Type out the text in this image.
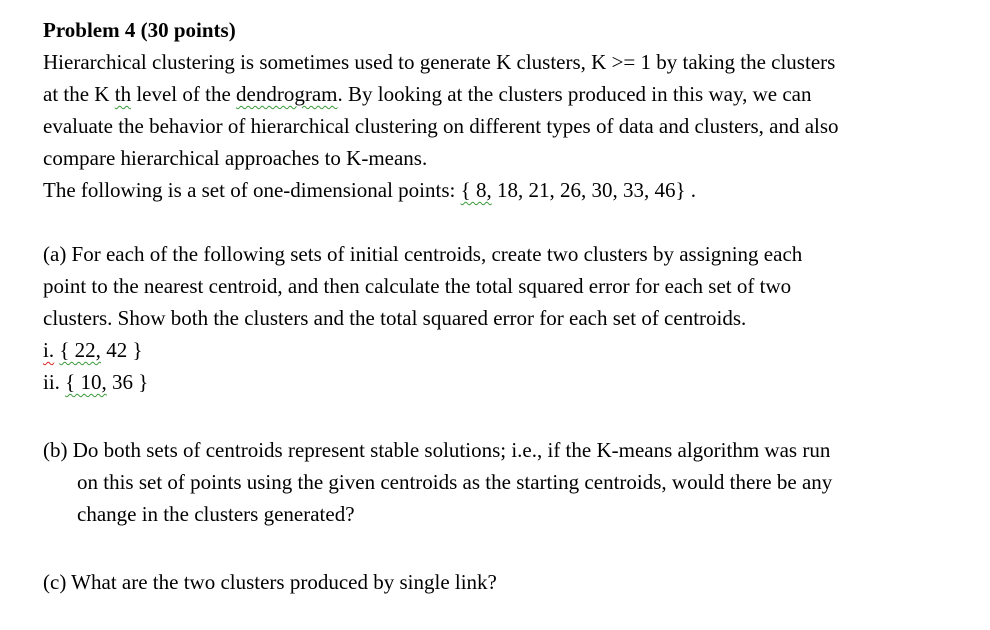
Problem 4 (30 points)
Hierarchical clustering is sometimes used to generate K clusters, K >= 1 by taking the clusters
at the K th level of the dendrogram. By looking at the clusters produced in this way, we can
evaluate the behavior of hierarchical clustering on different types of data and clusters, and also
compare hierarchical approaches to K-means.
The following is a set of one-dimensional points: { 8, 18, 21, 26, 30, 33, 46} .
(a) For each of the following sets of initial centroids, create two clusters by assigning each
point to the nearest centroid, and then calculate the total squared error for each set of two
clusters. Show both the clusters and the total squared error for each set of centroids.
i. { 22, 42 }
ii. { 10, 36 }
(b) Do both sets of centroids represent stable solutions; i.e., if the K-means algorithm was run
on this set of points using the given centroids as the starting centroids, would there be any
change in the clusters generated?
(c) What are the two clusters produced by single link?
